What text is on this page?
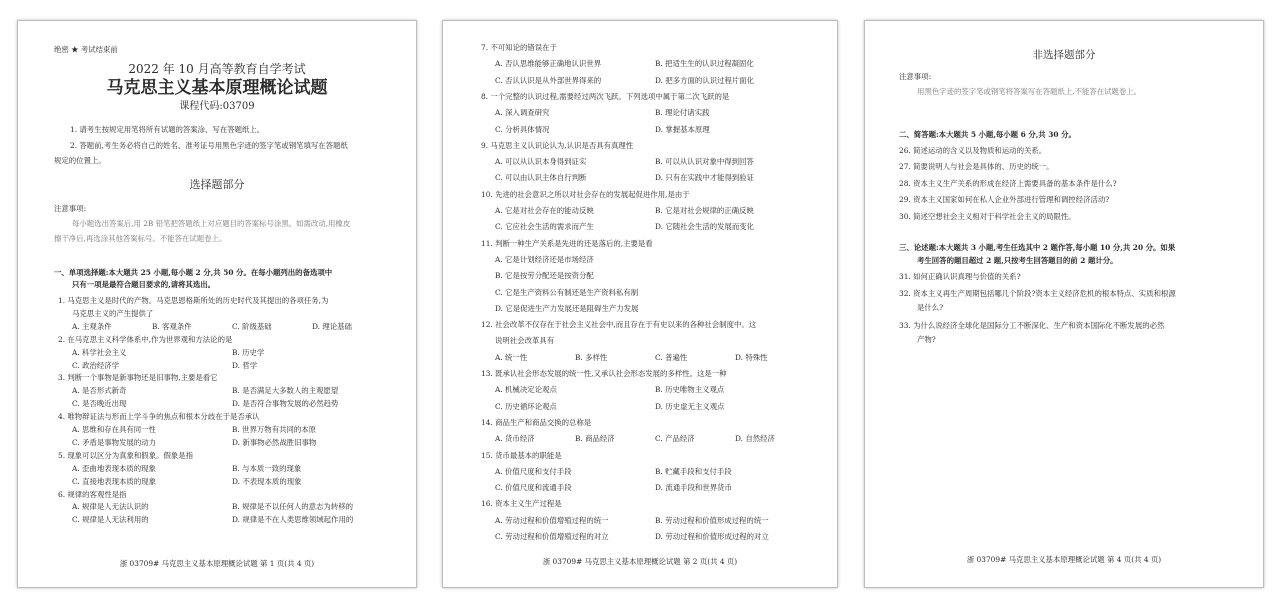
绝密 ★ 考试结束前
2022 年 10 月高等教育自学考试
马克思主义基本原理概论试题
课程代码:03709
1. 请考生按规定用笔将所有试题的答案涂、写在答题纸上。
2. 答题前,考生务必将自己的姓名、准考证号用黑色字迹的签字笔或钢笔填写在答题纸
规定的位置上。
选择题部分
注意事项:
每小题选出答案后,用 2B 铅笔把答题纸上对应题目的答案标号涂黑。如需改动,用橡皮
擦干净后,再选涂其他答案标号。不能答在试题卷上。
一、单项选择题:本大题共 25 小题,每小题 2 分,共 50 分。在每小题列出的备选项中
只有一项是最符合题目要求的,请将其选出。
1. 马克思主义是时代的产物。马克思恩格斯所处的历史时代及其提出的各项任务,为
马克思主义的产生提供了
A. 主观条件	B. 客观条件	C. 阶级基础	D. 理论基础
2. 在马克思主义科学体系中,作为世界观和方法论的是
A. 科学社会主义	B. 历史学
C. 政治经济学	D. 哲学
3. 判断一个事物是新事物还是旧事物,主要是看它
A. 是否形式新奇	B. 是否满足大多数人的主观愿望
C. 是否晚近出现	D. 是否符合事物发展的必然趋势
4. 唯物辩证法与形而上学斗争的焦点和根本分歧在于是否承认
A. 思维和存在具有同一性	B. 世界万物有共同的本原
C. 矛盾是事物发展的动力	D. 新事物必然战胜旧事物
5. 现象可以区分为真象和假象。假象是指
A. 歪曲地表现本质的现象	B. 与本质一致的现象
C. 直接地表现本质的现象	D. 不表现本质的现象
6. 规律的客观性是指
A. 规律是人无法认识的	B. 规律是不以任何人的意志为转移的
C. 规律是人无法利用的	D. 规律是不在人类思维领域起作用的
浙 03709# 马克思主义基本原理概论试题 第 1 页(共 4 页)
7. 不可知论的错误在于
A. 否认思维能够正确地认识世界	B. 把适生生的认识过程凝固化
C. 否认认识是从外部世界得来的	D. 把多方面的认识过程片面化
8. 一个完整的认识过程,需要经过两次飞跃。下列选项中属于第二次飞跃的是
A. 深入调查研究	B. 理论付诸实践
C. 分析具体情况	D. 掌握基本原理
9. 马克思主义认识论认为,认识是否具有真理性
A. 可以从认识本身得到证实	B. 可以从认识对象中得到回答
C. 可以由认识主体自行判断	D. 只有在实践中才能得到验证
10. 先进的社会意识之所以对社会存在的发展起促进作用,是由于
A. 它是对社会存在的能动反映	B. 它是对社会规律的正确反映
C. 它应社会生活的需求而产生	D. 它随社会生活的发展而变化
11. 判断一种生产关系是先进的还是落后的,主要是看
A. 它是计划经济还是市场经济
B. 它是按劳分配还是按资分配
C. 它是生产资料公有制还是生产资料私有制
D. 它是促进生产力发展还是阻碍生产力发展
12. 社会改革不仅存在于社会主义社会中,而且存在于有史以来的各种社会制度中。这
说明社会改革具有
A. 统一性	B. 多样性	C. 普遍性	D. 特殊性
13. 既承认社会形态发展的统一性,又承认社会形态发展的多样性。这是一种
A. 机械决定论观点	B. 历史唯物主义观点
C. 历史循环论观点	D. 历史虚无主义观点
14. 商品生产和商品交换的总称是
A. 货币经济	B. 商品经济	C. 产品经济	D. 自然经济
15. 货币最基本的职能是
A. 价值尺度和支付手段	B. 贮藏手段和支付手段
C. 价值尺度和流通手段	D. 流通手段和世界货币
16. 资本主义生产过程是
A. 劳动过程和价值增殖过程的统一	B. 劳动过程和价值形成过程的统一
C. 劳动过程和价值增殖过程的对立	D. 劳动过程和价值形成过程的对立
浙 03709# 马克思主义基本原理概论试题 第 2 页(共 4 页)
非选择题部分
注意事项:
用黑色字迹的签字笔或钢笔将答案写在答题纸上,不能答在试题卷上。
二、简答题:本大题共 5 小题,每小题 6 分,共 30 分。
26. 简述运动的含义以及物质和运动的关系。
27. 简要说明人与社会是具体的、历史的统一。
28. 资本主义生产关系的形成在经济上需要具备的基本条件是什么?
29. 资本主义国家如何在私人企业外部进行管理和调控经济活动?
30. 简述空想社会主义相对于科学社会主义的局限性。
三、论述题:本大题共 3 小题,考生任选其中 2 题作答,每小题 10 分,共 20 分。如果
考生回答的题目超过 2 题,只按考生回答题目的前 2 题计分。
31. 如何正确认识真理与价值的关系?
32. 资本主义再生产周期包括哪几个阶段?资本主义经济危机的根本特点、实质和根源
是什么?
33. 为什么说经济全球化是国际分工不断深化、生产和资本国际化不断发展的必然
产物?
浙 03709# 马克思主义基本原理概论试题 第 4 页(共 4 页)
